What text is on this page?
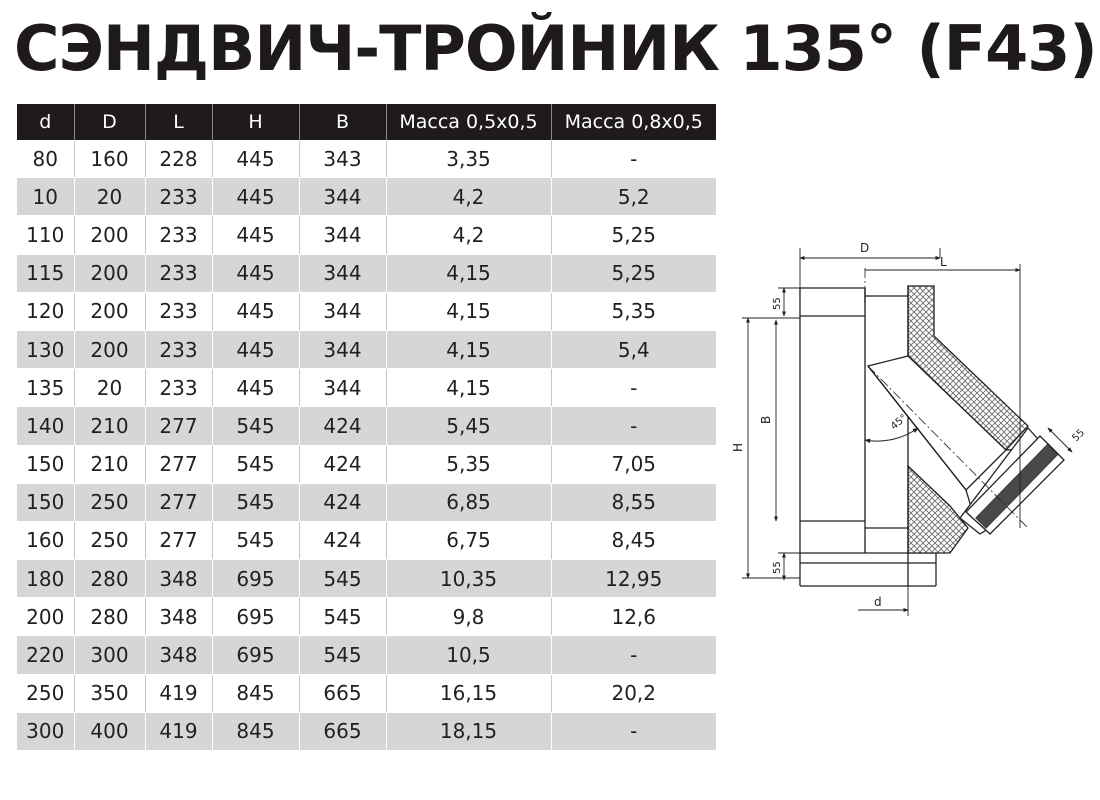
СЭНДВИЧ-ТРОЙНИК 135° (F43)
d	D	L	H	B	Масса 0,5х0,5	Масса 0,8х0,5
80	160	228	445	343	3,35	-
10	20	233	445	344	4,2	5,2
110	200	233	445	344	4,2	5,25
115	200	233	445	344	4,15	5,25
120	200	233	445	344	4,15	5,35
130	200	233	445	344	4,15	5,4
135	20	233	445	344	4,15	-
140	210	277	545	424	5,45	-
150	210	277	545	424	5,35	7,05
150	250	277	545	424	6,85	8,55
160	250	277	545	424	6,75	8,45
180	280	348	695	545	10,35	12,95
200	280	348	695	545	9,8	12,6
220	300	348	695	545	10,5	-
250	350	419	845	665	16,15	20,2
300	400	419	845	665	18,15	-
D
L
H
B
d
55
55
55
45°
